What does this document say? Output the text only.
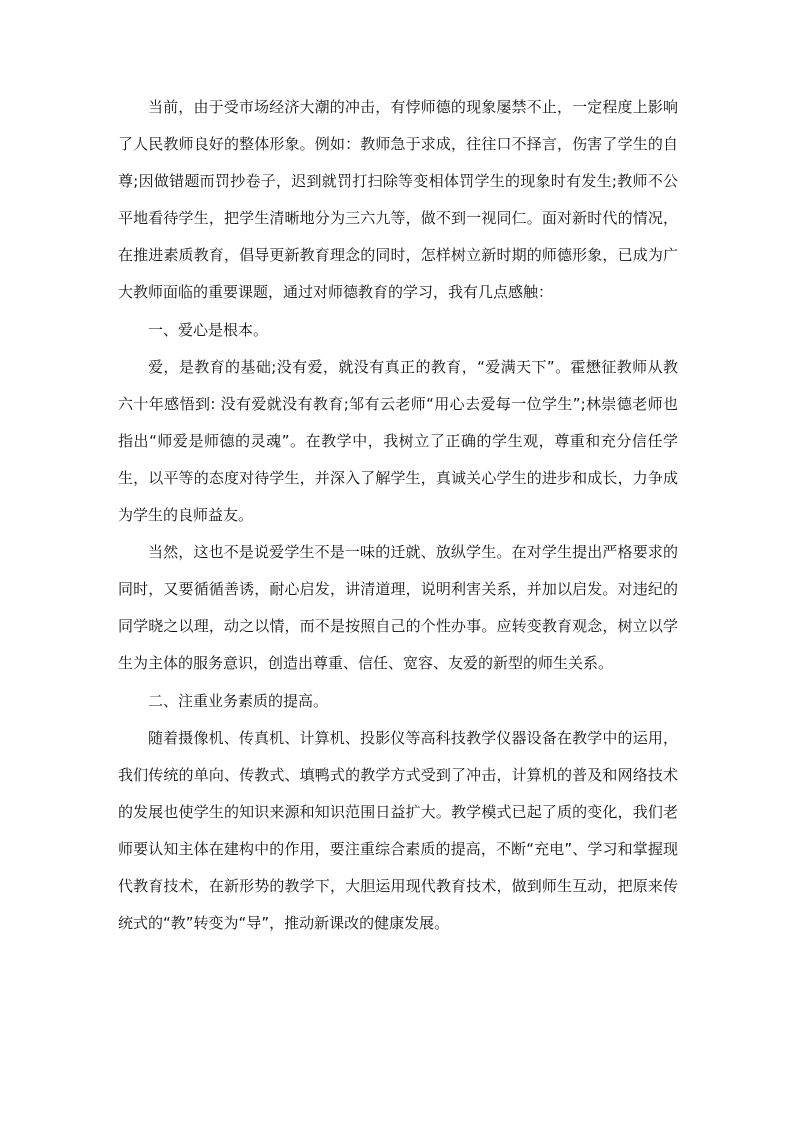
当前，由于受市场经济大潮的冲击，有悖师德的现象屡禁不止，一定程度上影响了人民教师良好的整体形象。例如：教师急于求成，往往口不择言，伤害了学生的自尊;因做错题而罚抄卷子，迟到就罚打扫除等变相体罚学生的现象时有发生;教师不公平地看待学生，把学生清晰地分为三六九等，做不到一视同仁。面对新时代的情况，在推进素质教育，倡导更新教育理念的同时，怎样树立新时期的师德形象，已成为广大教师面临的重要课题，通过对师德教育的学习，我有几点感触：

一、爱心是根本。

爱，是教育的基础;没有爱，就没有真正的教育，“爱满天下”。霍懋征教师从教六十年感悟到: 没有爱就没有教育;邹有云老师“用心去爱每一位学生”;林崇德老师也指出“师爱是师德的灵魂”。在教学中，我树立了正确的学生观，尊重和充分信任学生，以平等的态度对待学生，并深入了解学生，真诚关心学生的进步和成长，力争成为学生的良师益友。

当然，这也不是说爱学生不是一味的迁就、放纵学生。在对学生提出严格要求的同时，又要循循善诱，耐心启发，讲清道理，说明利害关系，并加以启发。对违纪的同学晓之以理，动之以情，而不是按照自己的个性办事。应转变教育观念，树立以学生为主体的服务意识，创造出尊重、信任、宽容、友爱的新型的师生关系。

二、注重业务素质的提高。

随着摄像机、传真机、计算机、投影仪等高科技教学仪器设备在教学中的运用，我们传统的单向、传教式、填鸭式的教学方式受到了冲击，计算机的普及和网络技术的发展也使学生的知识来源和知识范围日益扩大。教学模式已起了质的变化，我们老师要认知主体在建构中的作用，要注重综合素质的提高，不断“充电”、学习和掌握现代教育技术，在新形势的教学下，大胆运用现代教育技术，做到师生互动，把原来传统式的“教”转变为“导”，推动新课改的健康发展。
